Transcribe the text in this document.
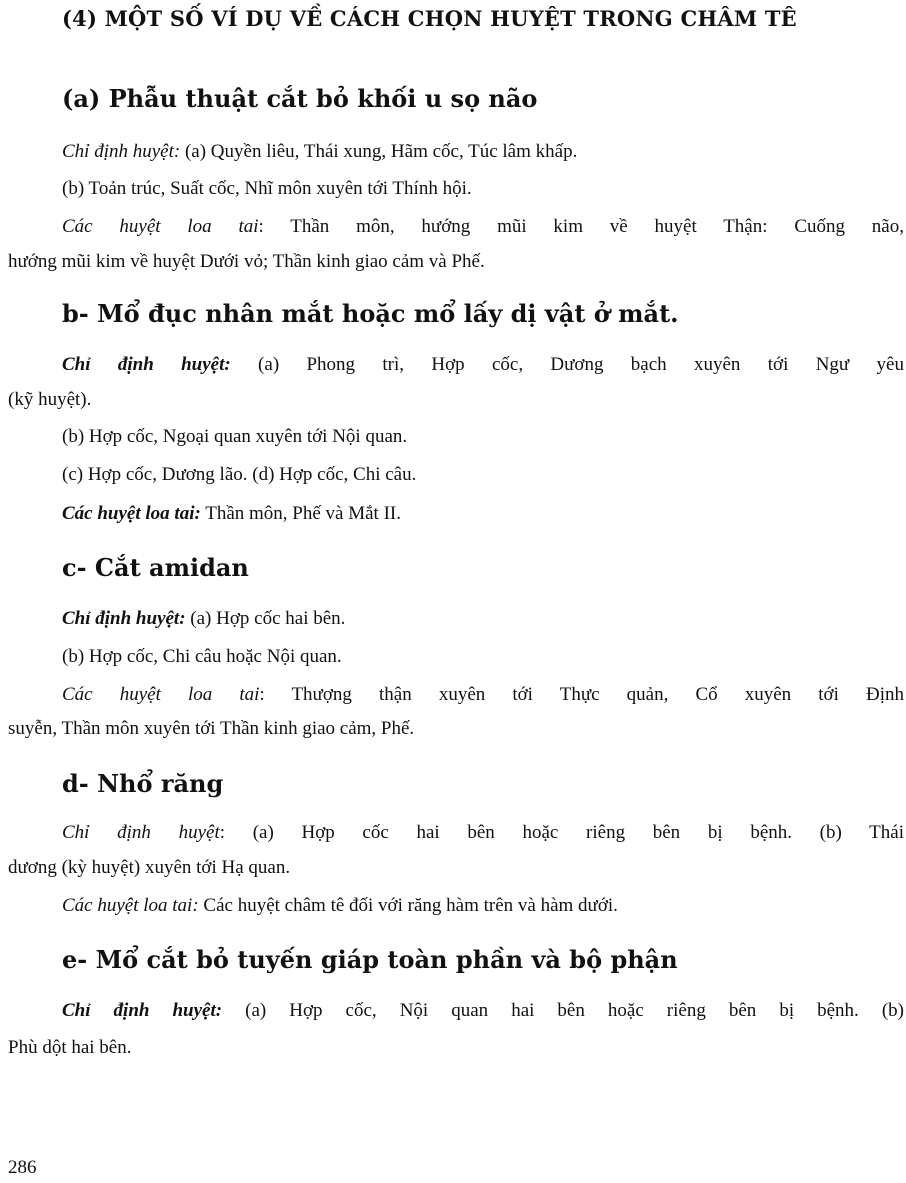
(4) MỘT SỐ VÍ DỤ VỀ CÁCH CHỌN HUYỆT TRONG CHÂM TÊ
(a) Phẫu thuật cắt bỏ khối u sọ não

Chỉ định huyệt: (a) Quyền liêu, Thái xung, Hãm cốc, Túc lâm khấp.

(b) Toản trúc, Suất cốc, Nhĩ môn xuyên tới Thính hội.

Các huyệt loa tai: Thần môn, hướng mũi kim về huyệt Thận: Cuống não,

hướng mũi kim về huyệt Dưới vỏ; Thần kinh giao cảm và Phế.

b- Mổ đục nhân mắt hoặc mổ lấy dị vật ở mắt.

Chỉ định huyệt: (a) Phong trì, Hợp cốc, Dương bạch xuyên tới Ngư yêu

(kỹ huyệt).

(b) Hợp cốc, Ngoại quan xuyên tới Nội quan.

(c) Hợp cốc, Dương lão. (d) Hợp cốc, Chi câu.

Các huyệt loa tai: Thần môn, Phế và Mắt II.

c- Cắt amidan

Chỉ định huyệt: (a) Hợp cốc hai bên.

(b) Hợp cốc, Chi câu hoặc Nội quan.

Các huyệt loa tai: Thượng thận xuyên tới Thực quản, Cổ xuyên tới Định

suyễn, Thần môn xuyên tới Thần kinh giao cảm, Phế.

d- Nhổ răng

Chỉ định huyệt: (a) Hợp cốc hai bên hoặc riêng bên bị bệnh. (b) Thái

dương (kỳ huyệt) xuyên tới Hạ quan.

Các huyệt loa tai: Các huyệt châm tê đối với răng hàm trên và hàm dưới.

e- Mổ cắt bỏ tuyến giáp toàn phần và bộ phận

Chỉ định huyệt: (a) Hợp cốc, Nội quan hai bên hoặc riêng bên bị bệnh. (b)

Phù dột hai bên.

286
